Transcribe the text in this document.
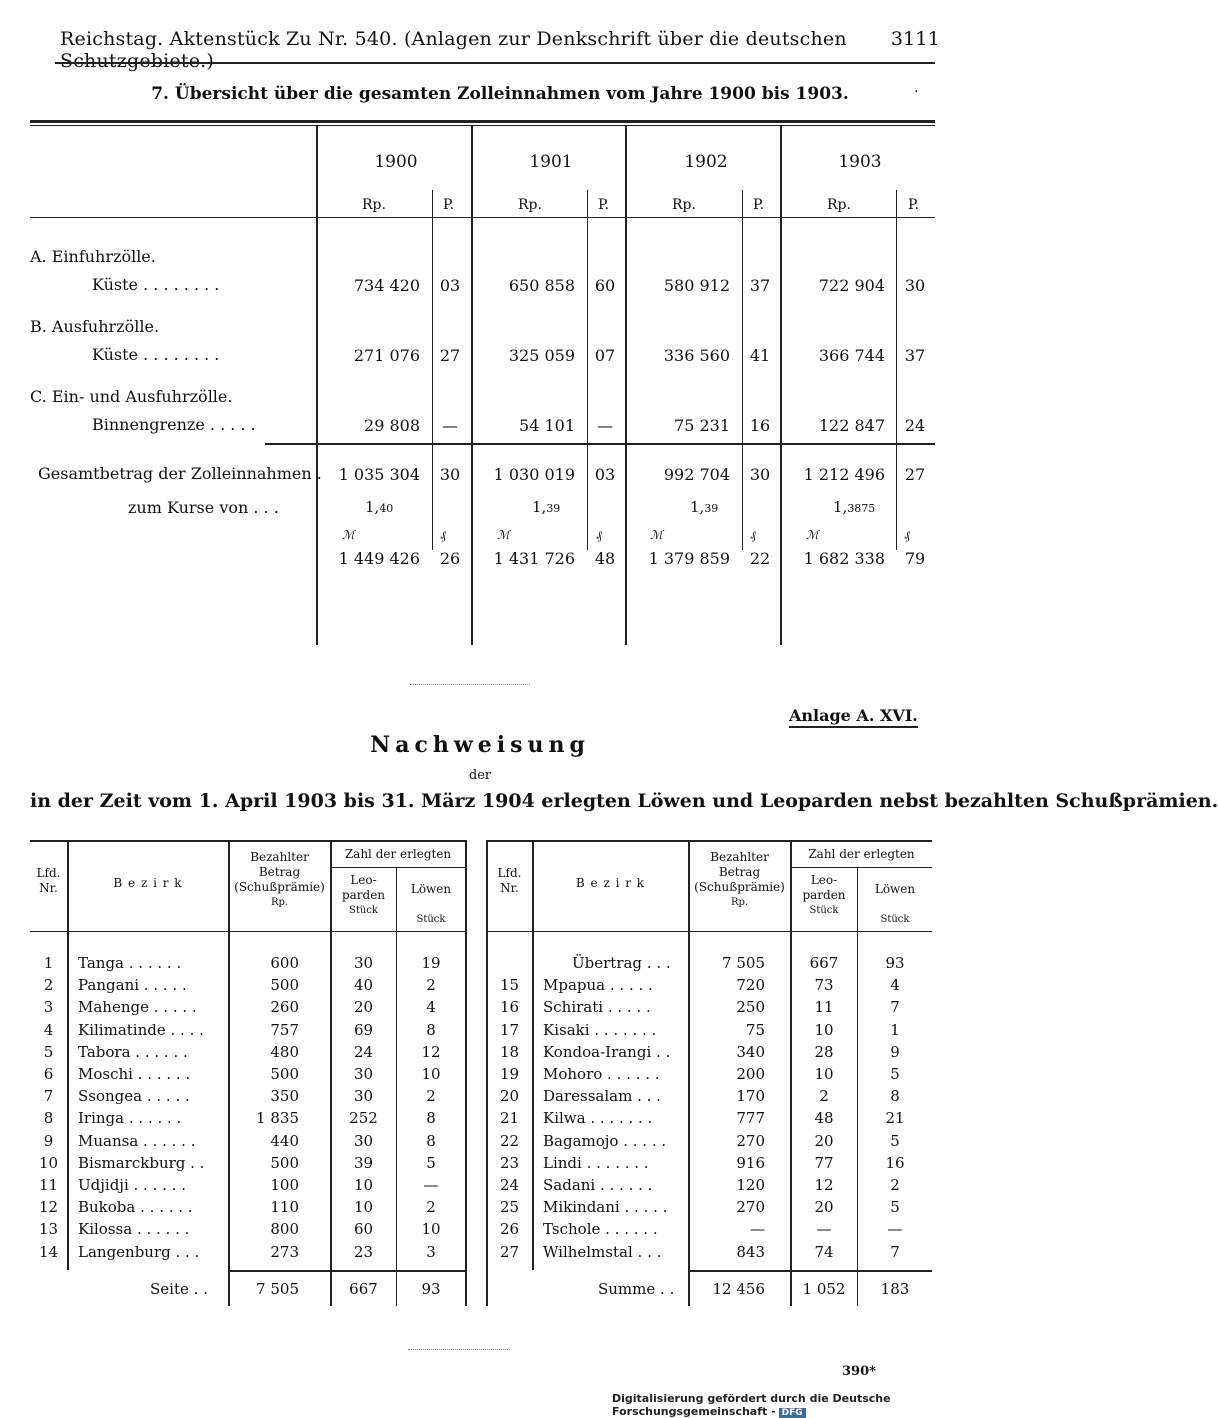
Reichstag. Aktenstück Zu Nr. 540. (Anlagen zur Denkschrift über die deutschen Schutzgebiete.)
3111
7. Übersicht über die gesamten Zolleinnahmen vom Jahre 1900 bis 1903.	·
1900	1901	1902	1903
Rp.	P.	Rp.	P.	Rp.	P.	Rp.	P.
A. Einfuhrzölle.
Küste . . . . . . . .	734 420	03	650 858	60	580 912	37	722 904	30
B. Ausfuhrzölle.
Küste . . . . . . . .	271 076	27	325 059	07	336 560	41	366 744	37
C. Ein- und Ausfuhrzölle.
Binnengrenze . . . . .	29 808	—	54 101	—	75 231	16	122 847	24
Gesamtbetrag der Zolleinnahmen .	1 035 304	30	1 030 019	03	992 704	30	1 212 496	27
zum Kurse von . . .	1,40	1,39	1,39	1,3875
ℳ	₰	ℳ	₰	ℳ	₰	ℳ	₰
1 449 426	26	1 431 726	48	1 379 859	22	1 682 338	79
Anlage A. XVI.
Nachweisung
der
in der Zeit vom 1. April 1903 bis 31. März 1904 erlegten Löwen und Leoparden nebst bezahlten Schußprämien.
Lfd.
Nr.	B e z i r k
Bezahlter
Betrag
(Schußprämie)
Rp.
Zahl der erlegten
Leo-
parden
Stück
Löwen
Stück
Lfd.
Nr.	B e z i r k
Bezahlter
Betrag
(Schußprämie)
Rp.
Zahl der erlegten
Leo-
parden
Stück
Löwen
Stück
1	Tanga . . . . . .	600	30	19
2	Pangani . . . . .	500	40	2
3	Mahenge . . . . .	260	20	4
4	Kilimatinde . . . .	757	69	8
5	Tabora . . . . . .	480	24	12
6	Moschi . . . . . .	500	30	10
7	Ssongea . . . . .	350	30	2
8	Iringa . . . . . .	1 835	252	8
9	Muansa . . . . . .	440	30	8
10	Bismarckburg . .	500	39	5
11	Udjidji . . . . . .	100	10	—
12	Bukoba . . . . . .	110	10	2
13	Kilossa . . . . . .	800	60	10
14	Langenburg . . .	273	23	3
Übertrag . . .	7 505	667	93
15	Mpapua . . . . .	720	73	4
16	Schirati . . . . .	250	11	7
17	Kisaki . . . . . . .	75	10	1
18	Kondoa-Irangi . .	340	28	9
19	Mohoro . . . . . .	200	10	5
20	Daressalam . . .	170	2	8
21	Kilwa . . . . . . .	777	48	21
22	Bagamojo . . . . .	270	20	5
23	Lindi . . . . . . .	916	77	16
24	Sadani . . . . . .	120	12	2
25	Mikindani . . . . .	270	20	5
26	Tschole . . . . . .	—	—	—
27	Wilhelmstal . . .	843	74	7
Seite . .	7 505	667	93	Summe . .	12 456	1 052	183
390*
Digitalisierung gefördert durch die Deutsche Forschungsgemeinschaft - DFG
